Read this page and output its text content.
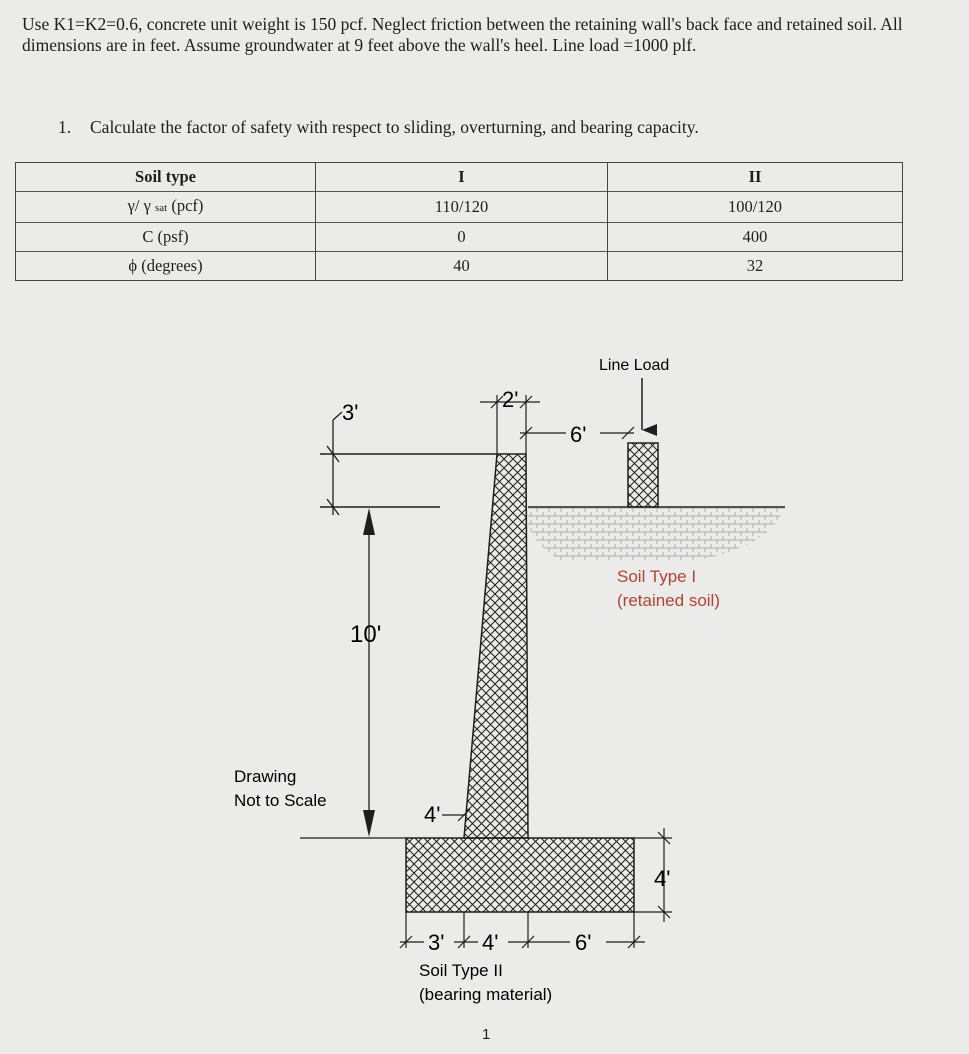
Use K1=K2=0.6, concrete unit weight is 150 pcf. Neglect friction between the retaining wall's back face and retained soil. All dimensions are in feet. Assume groundwater at 9 feet above the wall's heel. Line load =1000 plf.

1. Calculate the factor of safety with respect to sliding, overturning, and bearing capacity.

Soil type	I	II
γ/ γ sat (pcf)	110/120	100/120
C (psf)	0	400
ϕ (degrees)	40	32
Line Load
3'
10'
2'
6'
4'
4'
3' 4'	6'
Drawing
Not to Scale
Soil Type I
(retained soil)
Soil Type II
(bearing material)
1
